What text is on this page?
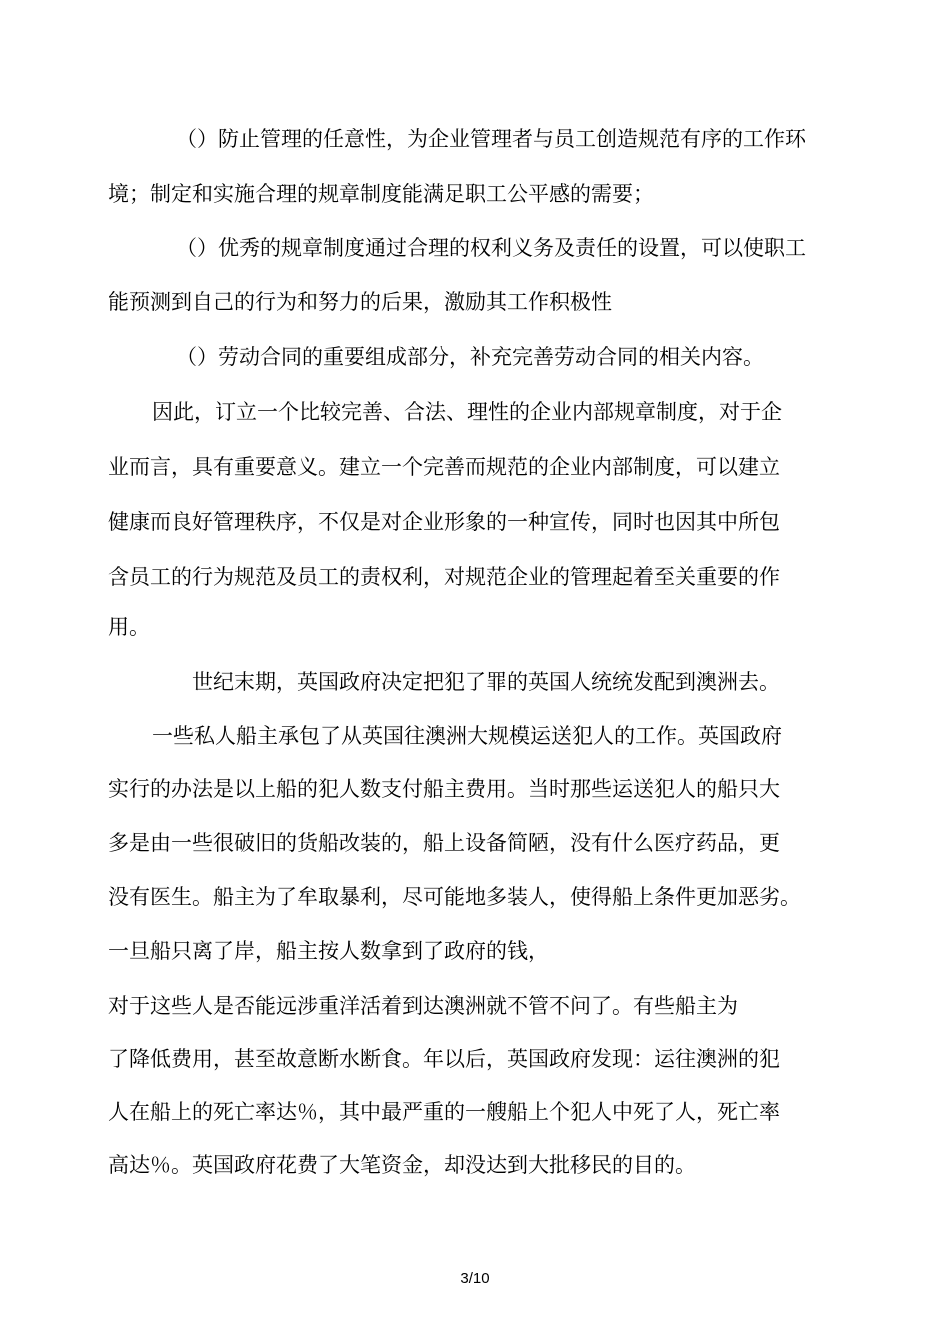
（）防止管理的任意性，为企业管理者与员工创造规范有序的工作环
境；制定和实施合理的规章制度能满足职工公平感的需要；
（）优秀的规章制度通过合理的权利义务及责任的设置，可以使职工
能预测到自己的行为和努力的后果，激励其工作积极性
（）劳动合同的重要组成部分，补充完善劳动合同的相关内容。
因此，订立一个比较完善、合法、理性的企业内部规章制度，对于企
业而言，具有重要意义。建立一个完善而规范的企业内部制度，可以建立
健康而良好管理秩序，不仅是对企业形象的一种宣传，同时也因其中所包
含员工的行为规范及员工的责权利，对规范企业的管理起着至关重要的作
用。
世纪末期，英国政府决定把犯了罪的英国人统统发配到澳洲去。
一些私人船主承包了从英国往澳洲大规模运送犯人的工作。英国政府
实行的办法是以上船的犯人数支付船主费用。当时那些运送犯人的船只大
多是由一些很破旧的货船改装的，船上设备简陋，没有什么医疗药品，更
没有医生。船主为了牟取暴利，尽可能地多装人，使得船上条件更加恶劣。
一旦船只离了岸，船主按人数拿到了政府的钱，
对于这些人是否能远涉重洋活着到达澳洲就不管不问了。有些船主为
了降低费用，甚至故意断水断食。年以后，英国政府发现：运往澳洲的犯
人在船上的死亡率达％，其中最严重的一艘船上个犯人中死了人，死亡率
高达％。英国政府花费了大笔资金，却没达到大批移民的目的。
3/10
